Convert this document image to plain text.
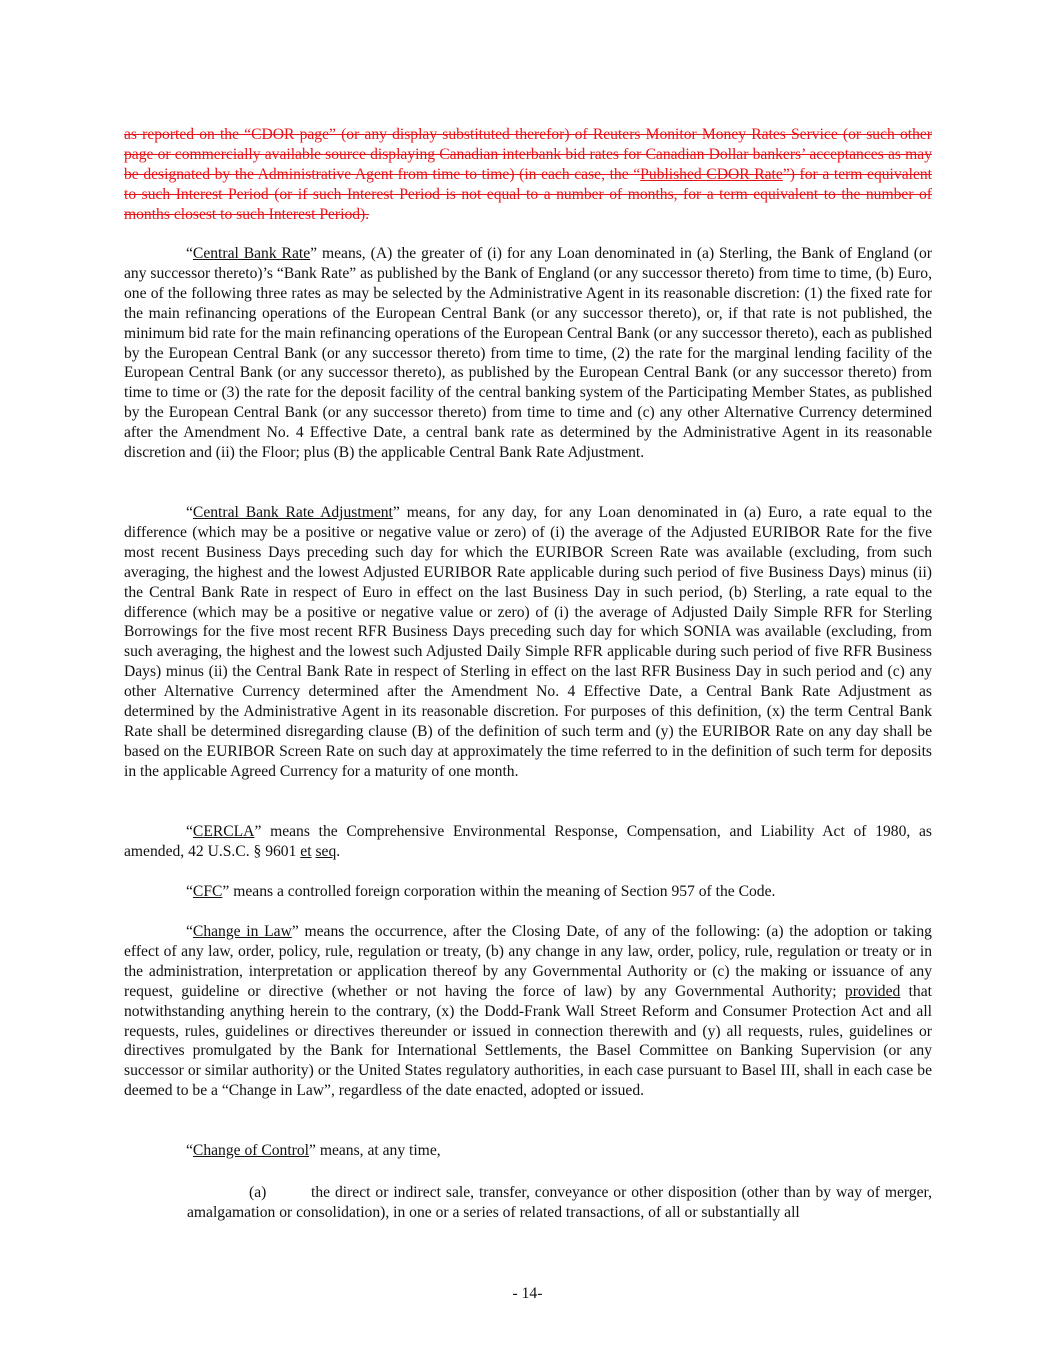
as reported on the “CDOR page” (or any display substituted therefor) of Reuters Monitor Money Rates Service (or such other page or commercially available source displaying Canadian interbank bid rates for Canadian Dollar bankers’ acceptances as may be designated by the Administrative Agent from time to time) (in each case, the “Published CDOR Rate”) for a term equivalent to such Interest Period (or if such Interest Period is not equal to a number of months, for a term equivalent to the number of months closest to such Interest Period).

“Central Bank Rate” means, (A) the greater of (i) for any Loan denominated in (a) Sterling, the Bank of England (or any successor thereto)’s “Bank Rate” as published by the Bank of England (or any successor thereto) from time to time, (b) Euro, one of the following three rates as may be selected by the Administrative Agent in its reasonable discretion: (1) the fixed rate for the main refinancing operations of the European Central Bank (or any successor thereto), or, if that rate is not published, the minimum bid rate for the main refinancing operations of the European Central Bank (or any successor thereto), each as published by the European Central Bank (or any successor thereto) from time to time, (2) the rate for the marginal lending facility of the European Central Bank (or any successor thereto), as published by the European Central Bank (or any successor thereto) from time to time or (3) the rate for the deposit facility of the central banking system of the Participating Member States, as published by the European Central Bank (or any successor thereto) from time to time and (c) any other Alternative Currency determined after the Amendment No. 4 Effective Date, a central bank rate as determined by the Administrative Agent in its reasonable discretion and (ii) the Floor; plus (B) the applicable Central Bank Rate Adjustment.

“Central Bank Rate Adjustment” means, for any day, for any Loan denominated in (a) Euro, a rate equal to the difference (which may be a positive or negative value or zero) of (i) the average of the Adjusted EURIBOR Rate for the five most recent Business Days preceding such day for which the EURIBOR Screen Rate was available (excluding, from such averaging, the highest and the lowest Adjusted EURIBOR Rate applicable during such period of five Business Days) minus (ii) the Central Bank Rate in respect of Euro in effect on the last Business Day in such period, (b) Sterling, a rate equal to the difference (which may be a positive or negative value or zero) of (i) the average of Adjusted Daily Simple RFR for Sterling Borrowings for the five most recent RFR Business Days preceding such day for which SONIA was available (excluding, from such averaging, the highest and the lowest such Adjusted Daily Simple RFR applicable during such period of five RFR Business Days) minus (ii) the Central Bank Rate in respect of Sterling in effect on the last RFR Business Day in such period and (c) any other Alternative Currency determined after the Amendment No. 4 Effective Date, a Central Bank Rate Adjustment as determined by the Administrative Agent in its reasonable discretion. For purposes of this definition, (x) the term Central Bank Rate shall be determined disregarding clause (B) of the definition of such term and (y) the EURIBOR Rate on any day shall be based on the EURIBOR Screen Rate on such day at approximately the time referred to in the definition of such term for deposits in the applicable Agreed Currency for a maturity of one month.

“CERCLA” means the Comprehensive Environmental Response, Compensation, and Liability Act of 1980, as amended, 42 U.S.C. § 9601 et seq.

“CFC” means a controlled foreign corporation within the meaning of Section 957 of the Code.

“Change in Law” means the occurrence, after the Closing Date, of any of the following: (a) the adoption or taking effect of any law, order, policy, rule, regulation or treaty, (b) any change in any law, order, policy, rule, regulation or treaty or in the administration, interpretation or application thereof by any Governmental Authority or (c) the making or issuance of any request, guideline or directive (whether or not having the force of law) by any Governmental Authority; provided that notwithstanding anything herein to the contrary, (x) the Dodd-Frank Wall Street Reform and Consumer Protection Act and all requests, rules, guidelines or directives thereunder or issued in connection therewith and (y) all requests, rules, guidelines or directives promulgated by the Bank for International Settlements, the Basel Committee on Banking Supervision (or any successor or similar authority) or the United States regulatory authorities, in each case pursuant to Basel III, shall in each case be deemed to be a “Change in Law”, regardless of the date enacted, adopted or issued.

“Change of Control” means, at any time,

(a)	the direct or indirect sale, transfer, conveyance or other disposition (other than by way of merger, amalgamation or consolidation), in one or a series of related transactions, of all or substantially all

- 14-
